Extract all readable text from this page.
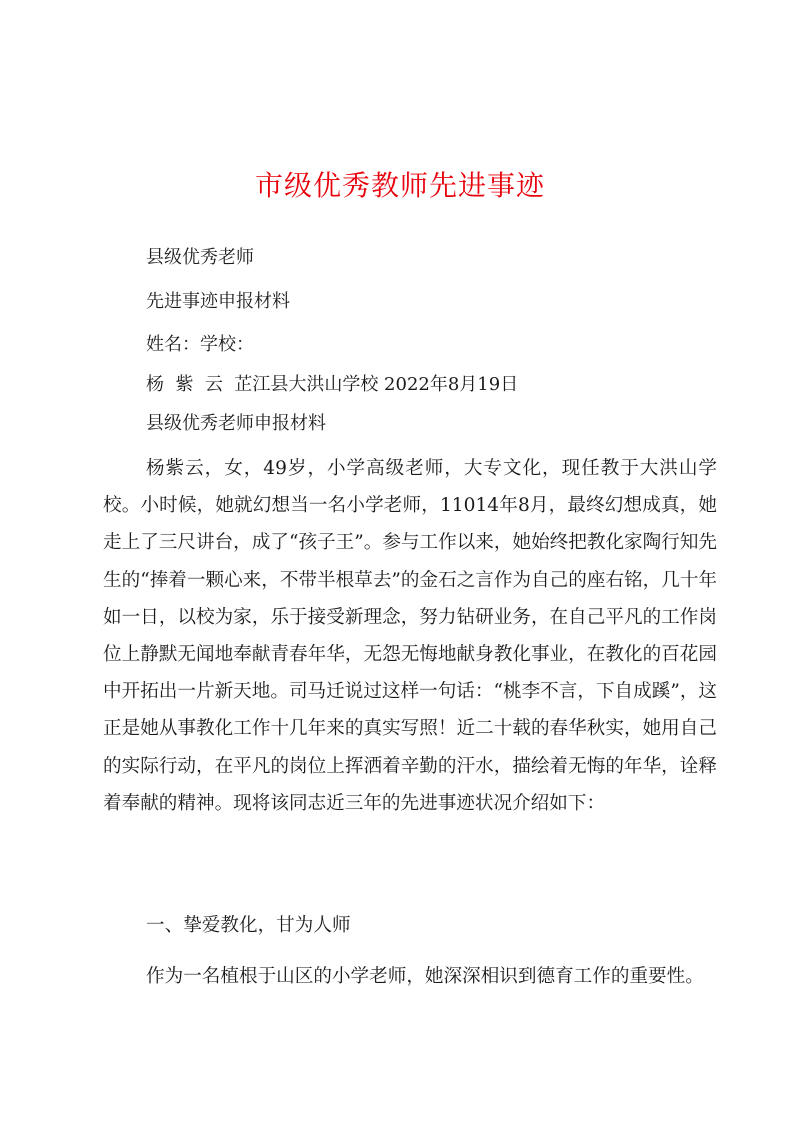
市级优秀教师先进事迹
县级优秀老师
先进事迹申报材料
姓名：学校：
杨  紫  云  芷江县大洪山学校 2022年8月19日
县级优秀老师申报材料
杨紫云，女，49岁，小学高级老师，大专文化，现任教于大洪山学校。小时候，她就幻想当一名小学老师，11014年8月，最终幻想成真，她走上了三尺讲台，成了“孩子王”。参与工作以来，她始终把教化家陶行知先生的“捧着一颗心来，不带半根草去”的金石之言作为自己的座右铭，几十年如一日，以校为家，乐于接受新理念，努力钻研业务，在自己平凡的工作岗位上静默无闻地奉献青春年华，无怨无悔地献身教化事业，在教化的百花园中开拓出一片新天地。司马迁说过这样一句话：“桃李不言，下自成蹊”，这正是她从事教化工作十几年来的真实写照！近二十载的春华秋实，她用自己的实际行动，在平凡的岗位上挥洒着辛勤的汗水，描绘着无悔的年华，诠释着奉献的精神。现将该同志近三年的先进事迹状况介绍如下：
一、挚爱教化，甘为人师
作为一名植根于山区的小学老师，她深深相识到德育工作的重要性。
